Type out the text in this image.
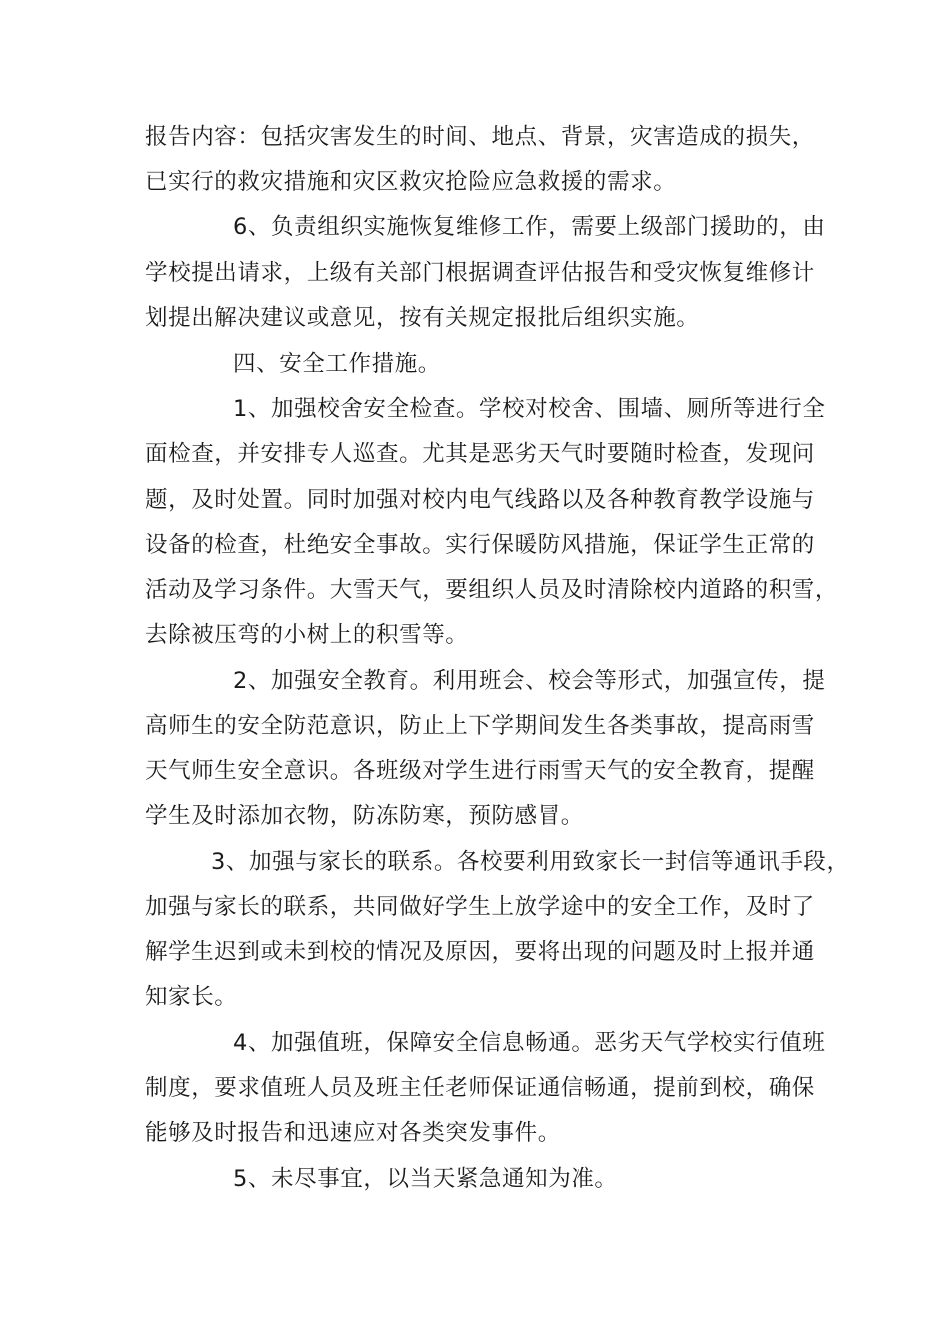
报告内容：包括灾害发生的时间、地点、背景，灾害造成的损失，
已实行的救灾措施和灾区救灾抢险应急救援的需求。
6、负责组织实施恢复维修工作，需要上级部门援助的，由
学校提出请求，上级有关部门根据调查评估报告和受灾恢复维修计
划提出解决建议或意见，按有关规定报批后组织实施。
四、安全工作措施。
1、加强校舍安全检查。学校对校舍、围墙、厕所等进行全
面检查，并安排专人巡查。尤其是恶劣天气时要随时检查，发现问
题，及时处置。同时加强对校内电气线路以及各种教育教学设施与
设备的检查，杜绝安全事故。实行保暖防风措施，保证学生正常的
活动及学习条件。大雪天气，要组织人员及时清除校内道路的积雪，
去除被压弯的小树上的积雪等。
2、加强安全教育。利用班会、校会等形式，加强宣传，提
高师生的安全防范意识，防止上下学期间发生各类事故，提高雨雪
天气师生安全意识。各班级对学生进行雨雪天气的安全教育，提醒
学生及时添加衣物，防冻防寒，预防感冒。
3、加强与家长的联系。各校要利用致家长一封信等通讯手段，
加强与家长的联系，共同做好学生上放学途中的安全工作，及时了
解学生迟到或未到校的情况及原因，要将出现的问题及时上报并通
知家长。
4、加强值班，保障安全信息畅通。恶劣天气学校实行值班
制度，要求值班人员及班主任老师保证通信畅通，提前到校，确保
能够及时报告和迅速应对各类突发事件。
5、未尽事宜，以当天紧急通知为准。
